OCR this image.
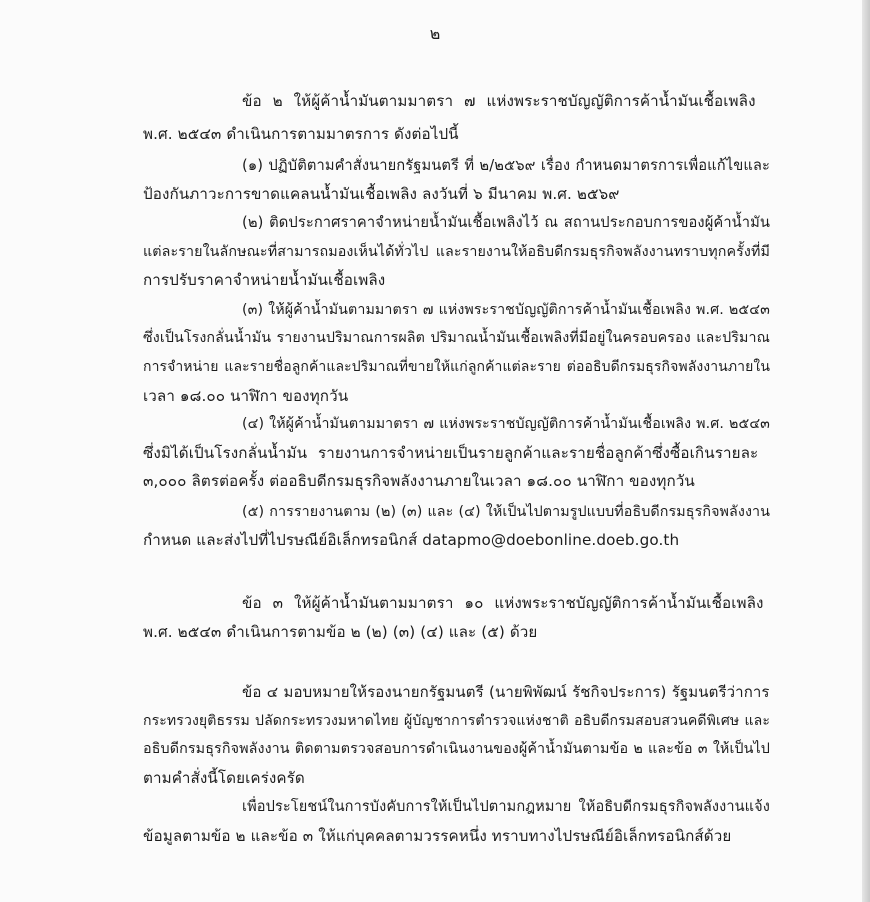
๒

ข้อ ๒ ให้ผู้ค้าน้ำมันตามมาตรา ๗ แห่งพระราชบัญญัติการค้าน้ำมันเชื้อเพลิง

พ.ศ. ๒๕๔๓ ดำเนินการตามมาตรการ ดังต่อไปนี้

(๑) ปฏิบัติตามคำสั่งนายกรัฐมนตรี ที่ ๒/๒๕๖๙ เรื่อง กำหนดมาตรการเพื่อแก้ไขและ

ป้องกันภาวะการขาดแคลนน้ำมันเชื้อเพลิง ลงวันที่ ๖ มีนาคม พ.ศ. ๒๕๖๙

(๒) ติดประกาศราคาจำหน่ายน้ำมันเชื้อเพลิงไว้ ณ สถานประกอบการของผู้ค้าน้ำมัน

แต่ละรายในลักษณะที่สามารถมองเห็นได้ทั่วไป และรายงานให้อธิบดีกรมธุรกิจพลังงานทราบทุกครั้งที่มี

การปรับราคาจำหน่ายน้ำมันเชื้อเพลิง

(๓) ให้ผู้ค้าน้ำมันตามมาตรา ๗ แห่งพระราชบัญญัติการค้าน้ำมันเชื้อเพลิง พ.ศ. ๒๕๔๓

ซึ่งเป็นโรงกลั่นน้ำมัน รายงานปริมาณการผลิต ปริมาณน้ำมันเชื้อเพลิงที่มีอยู่ในครอบครอง และปริมาณ

การจำหน่าย และรายชื่อลูกค้าและปริมาณที่ขายให้แก่ลูกค้าแต่ละราย ต่ออธิบดีกรมธุรกิจพลังงานภายใน

เวลา ๑๘.๐๐ นาฬิกา ของทุกวัน

(๔) ให้ผู้ค้าน้ำมันตามมาตรา ๗ แห่งพระราชบัญญัติการค้าน้ำมันเชื้อเพลิง พ.ศ. ๒๕๔๓

ซึ่งมิได้เป็นโรงกลั่นน้ำมัน รายงานการจำหน่ายเป็นรายลูกค้าและรายชื่อลูกค้าซึ่งซื้อเกินรายละ

๓,๐๐๐ ลิตรต่อครั้ง ต่ออธิบดีกรมธุรกิจพลังงานภายในเวลา ๑๘.๐๐ นาฬิกา ของทุกวัน

(๕) การรายงานตาม (๒) (๓) และ (๔) ให้เป็นไปตามรูปแบบที่อธิบดีกรมธุรกิจพลังงาน

กำหนด และส่งไปที่ไปรษณีย์อิเล็กทรอนิกส์ datapmo@doebonline.doeb.go.th

ข้อ ๓ ให้ผู้ค้าน้ำมันตามมาตรา ๑๐ แห่งพระราชบัญญัติการค้าน้ำมันเชื้อเพลิง

พ.ศ. ๒๕๔๓ ดำเนินการตามข้อ ๒ (๒) (๓) (๔) และ (๕) ด้วย

ข้อ ๔ มอบหมายให้รองนายกรัฐมนตรี (นายพิพัฒน์ รัชกิจประการ) รัฐมนตรีว่าการ

กระทรวงยุติธรรม ปลัดกระทรวงมหาดไทย ผู้บัญชาการตำรวจแห่งชาติ อธิบดีกรมสอบสวนคดีพิเศษ และ

อธิบดีกรมธุรกิจพลังงาน ติดตามตรวจสอบการดำเนินงานของผู้ค้าน้ำมันตามข้อ ๒ และข้อ ๓ ให้เป็นไป

ตามคำสั่งนี้โดยเคร่งครัด

เพื่อประโยชน์ในการบังคับการให้เป็นไปตามกฎหมาย ให้อธิบดีกรมธุรกิจพลังงานแจ้ง

ข้อมูลตามข้อ ๒ และข้อ ๓ ให้แก่บุคคลตามวรรคหนึ่ง ทราบทางไปรษณีย์อิเล็กทรอนิกส์ด้วย
